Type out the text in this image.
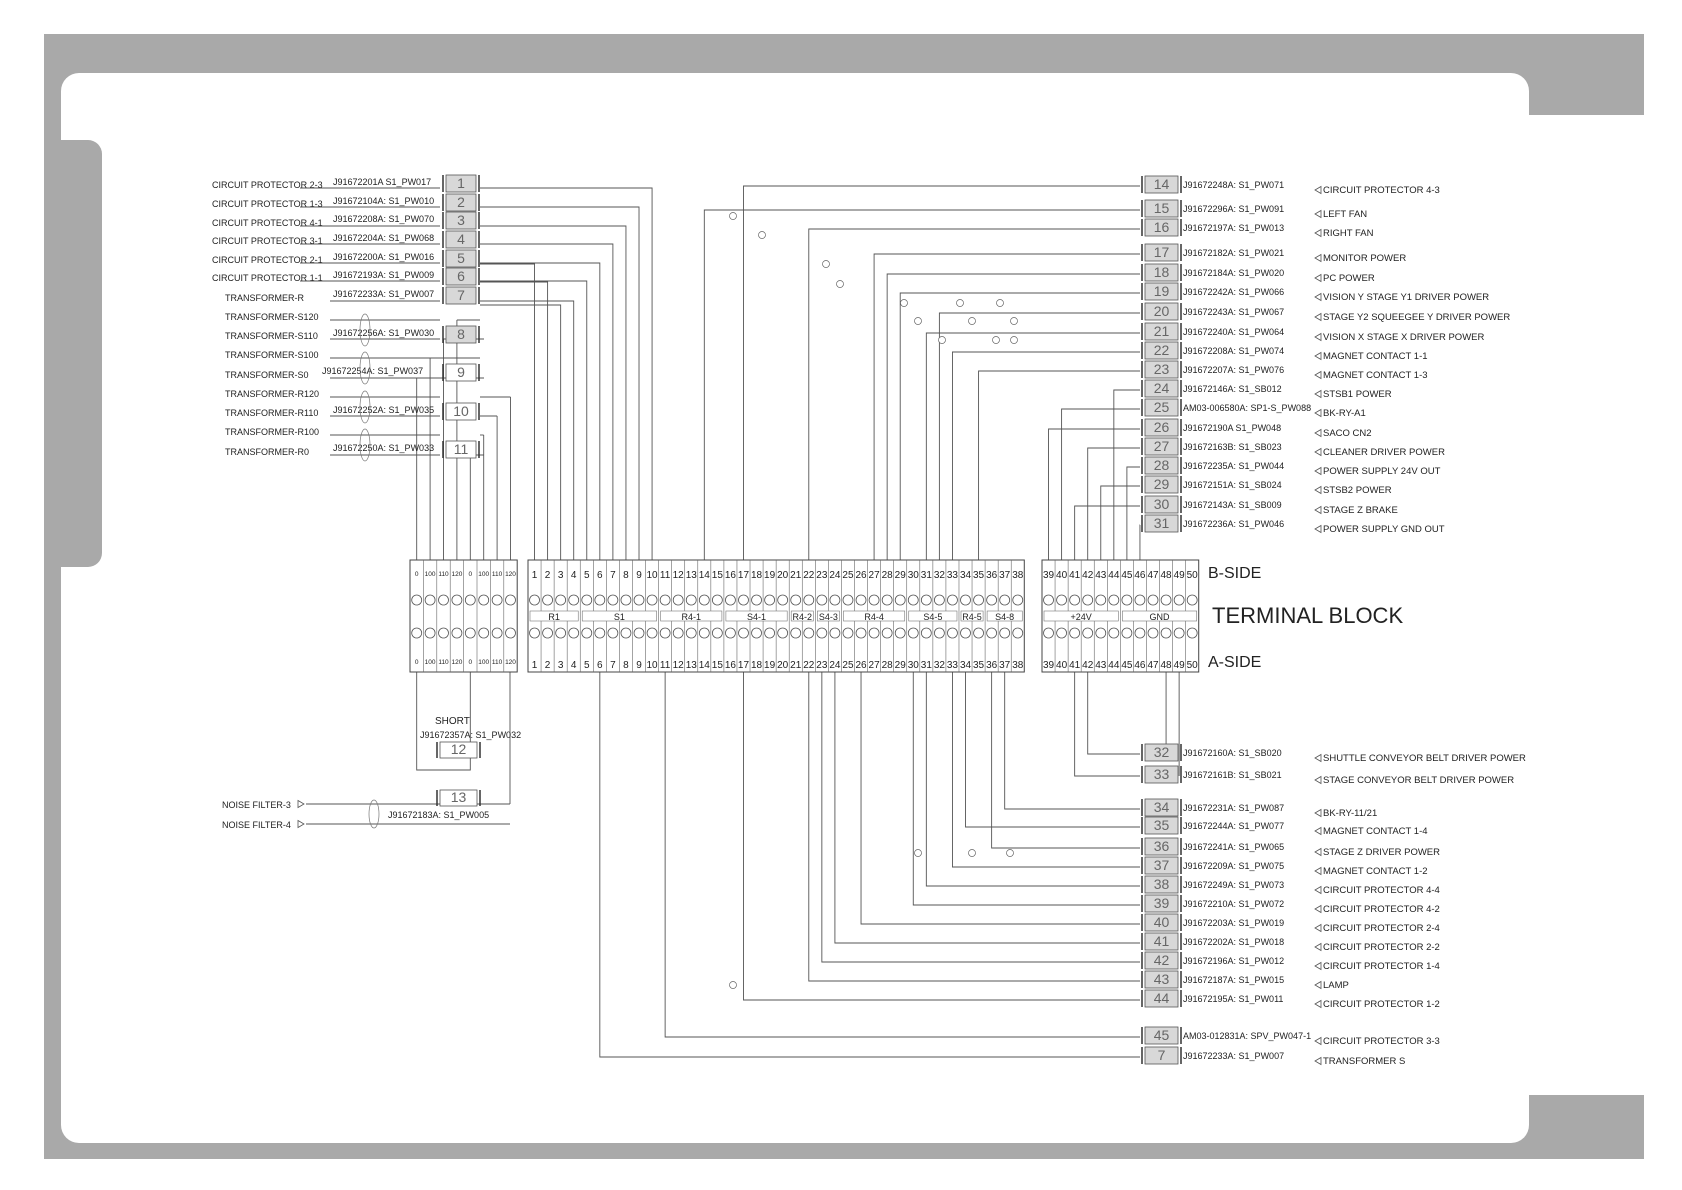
0
0
100
100
110
110
120
120
0
0
100
100
110
110
120
120
1
1
2
2
3
3
4
4
5
5
6
6
7
7
8
8
9
9
10
10
11
11
12
12
13
13
14
14
15
15
16
16
17
17
18
18
19
19
20
20
21
21
22
22
23
23
24
24
25
25
26
26
27
27
28
28
29
29
30
30
31
31
32
32
33
33
34
34
35
35
36
36
37
37
38
38
39
39
40
40
41
41
42
42
43
43
44
44
45
45
46
46
47
47
48
48
49
49
50
50
R1	S1	R4-1	S4-1	R4-2 S4-3	R4-4	S4-5 R4-5 S4-8	+24V	GND
CIRCUIT PROTECTOR 2-3
CIRCUIT PROTECTOR 1-3
CIRCUIT PROTECTOR 4-1
CIRCUIT PROTECTOR 3-1
CIRCUIT PROTECTOR 2-1
CIRCUIT PROTECTOR 1-1
TRANSFORMER-R
TRANSFORMER-S120
TRANSFORMER-S110
TRANSFORMER-S100
TRANSFORMER-S0
TRANSFORMER-R120
TRANSFORMER-R110
TRANSFORMER-R100
TRANSFORMER-R0
J91672201A S1_PW017 1
J91672104A: S1_PW010 2
J91672208A: S1_PW070 3
J91672204A: S1_PW068 4
J91672200A: S1_PW016 5
J91672193A: S1_PW009 6
J91672233A: S1_PW007 7
J91672256A: S1_PW030 8
J91672254A: S1_PW037 9
J91672252A: S1_PW035 10
J91672250A: S1_PW033 11
14 J91672248A: S1_PW071	CIRCUIT PROTECTOR 4-3
15 J91672296A: S1_PW091	LEFT FAN
16 J91672197A: S1_PW013	RIGHT FAN
17 J91672182A: S1_PW021	MONITOR POWER
18 J91672184A: S1_PW020	PC POWER
19 J91672242A: S1_PW066	VISION Y STAGE Y1 DRIVER POWER
20 J91672243A: S1_PW067	STAGE Y2 SQUEEGEE Y DRIVER POWER
21 J91672240A: S1_PW064	VISION X STAGE X DRIVER POWER
22 J91672208A: S1_PW074	MAGNET CONTACT 1-1
23 J91672207A: S1_PW076	MAGNET CONTACT 1-3
24 J91672146A: S1_SB012	STSB1 POWER
25 AM03-006580A: SP1-S_PW088 BK-RY-A1
26 J91672190A S1_PW048	SACO CN2
27 J91672163B: S1_SB023	CLEANER DRIVER POWER
28 J91672235A: S1_PW044	POWER SUPPLY 24V OUT
29 J91672151A: S1_SB024	STSB2 POWER
30 J91672143A: S1_SB009	STAGE Z BRAKE
31 J91672236A: S1_PW046	POWER SUPPLY GND OUT
32 J91672160A: S1_SB020	SHUTTLE CONVEYOR BELT DRIVER POWER
33 J91672161B: S1_SB021	STAGE CONVEYOR BELT DRIVER POWER
34 J91672231A: S1_PW087	BK-RY-11/21
35 J91672244A: S1_PW077	MAGNET CONTACT 1-4
36 J91672241A: S1_PW065	STAGE Z DRIVER POWER
37 J91672209A: S1_PW075	MAGNET CONTACT 1-2
38 J91672249A: S1_PW073	CIRCUIT PROTECTOR 4-4
39 J91672210A: S1_PW072	CIRCUIT PROTECTOR 4-2
40 J91672203A: S1_PW019	CIRCUIT PROTECTOR 2-4
41 J91672202A: S1_PW018	CIRCUIT PROTECTOR 2-2
42 J91672196A: S1_PW012	CIRCUIT PROTECTOR 1-4
43 J91672187A: S1_PW015	LAMP
44 J91672195A: S1_PW011	CIRCUIT PROTECTOR 1-2
45 AM03-012831A: SPV_PW047-1 CIRCUIT PROTECTOR 3-3
7 J91672233A: S1_PW007	TRANSFORMER S
SHORT
J91672357A: S1_PW032
12
NOISE FILTER-3
NOISE FILTER-4
13
J91672183A: S1_PW005
TERMINAL BLOCK
B-SIDE
A-SIDE
